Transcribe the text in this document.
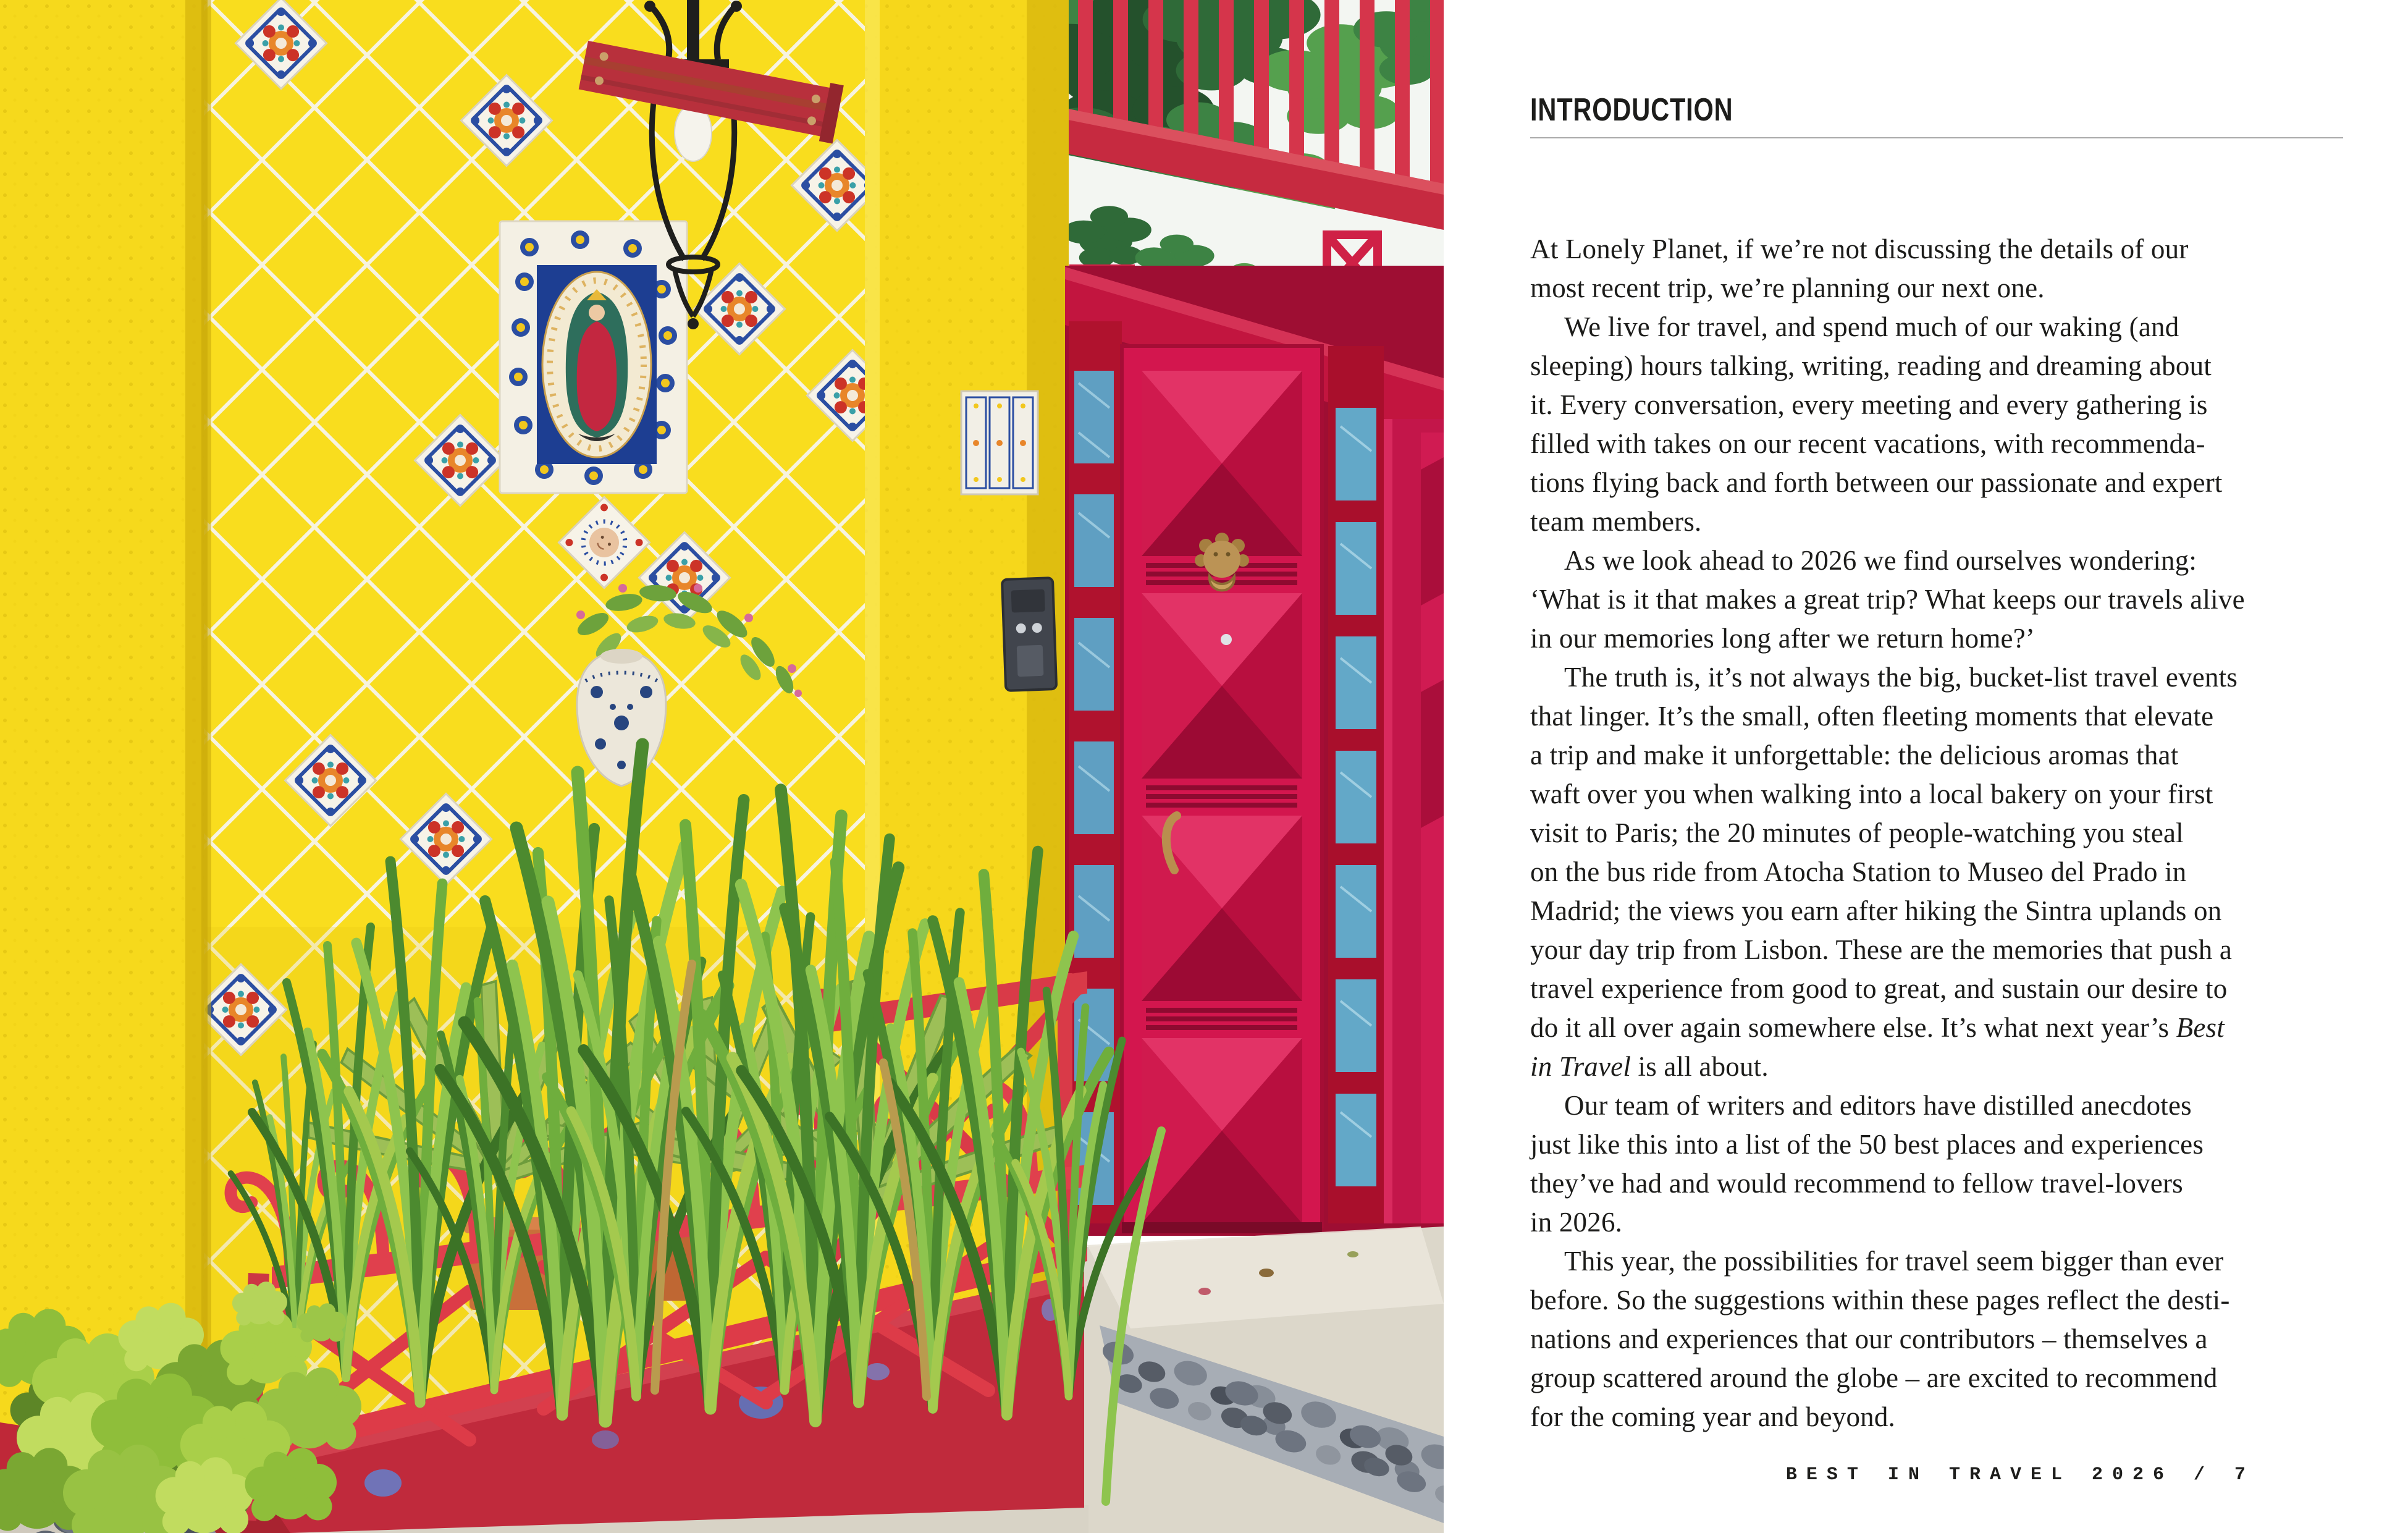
INTRODUCTION

At Lonely Planet, if we’re not discussing the details of our
most recent trip, we’re planning our next one.

We live for travel, and spend much of our waking (and
sleeping) hours talking, writing, reading and dreaming about
it. Every conversation, every meeting and every gathering is
filled with takes on our recent vacations, with recommenda-
tions flying back and forth between our passionate and expert
team members.

As we look ahead to 2026 we find ourselves wondering:
‘What is it that makes a great trip? What keeps our travels alive
in our memories long after we return home?’

The truth is, it’s not always the big, bucket-list travel events
that linger. It’s the small, often fleeting moments that elevate
a trip and make it unforgettable: the delicious aromas that
waft over you when walking into a local bakery on your first
visit to Paris; the 20 minutes of people-watching you steal
on the bus ride from Atocha Station to Museo del Prado in
Madrid; the views you earn after hiking the Sintra uplands on
your day trip from Lisbon. These are the memories that push a
travel experience from good to great, and sustain our desire to
do it all over again somewhere else. It’s what next year’s Best
in Travel is all about.

Our team of writers and editors have distilled anecdotes
just like this into a list of the 50 best places and experiences
they’ve had and would recommend to fellow travel-lovers
in 2026.

This year, the possibilities for travel seem bigger than ever
before. So the suggestions within these pages reflect the desti-
nations and experiences that our contributors – themselves a
group scattered around the globe – are excited to recommend
for the coming year and beyond.

BEST IN TRAVEL 2026 / 7
